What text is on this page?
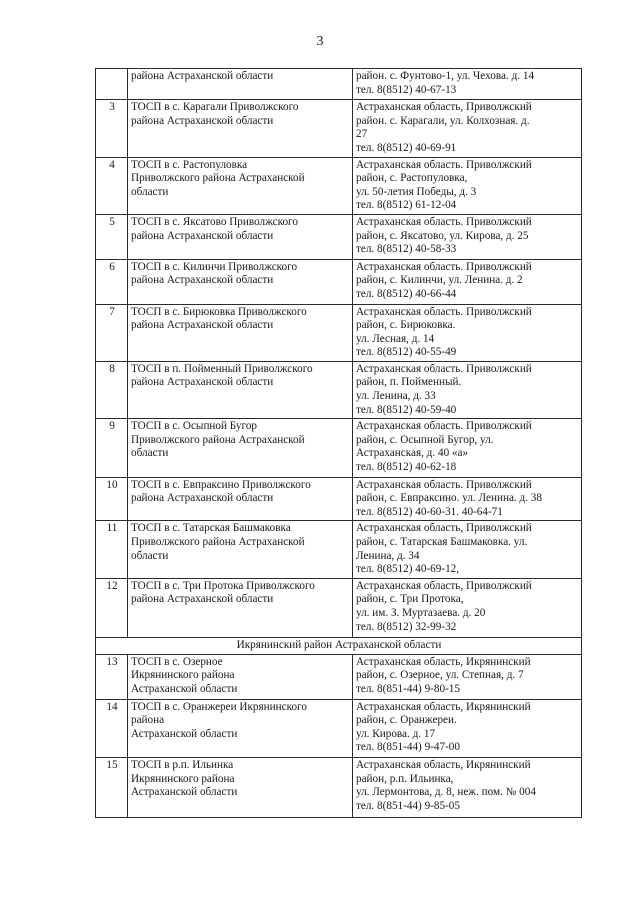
3

	района Астраханской области	район. с. Фунтово-1, ул. Чехова. д. 14
тел. 8(8512) 40-67-13

3	ТОСП в с. Карагали Приволжского
района Астраханской области	Астраханская область, Приволжский
район. с. Карагали, ул. Колхозная. д.
27
тел. 8(8512) 40-69-91

4	ТОСП в с. Растопуловка
Приволжского района Астраханской
области	Астраханская область. Приволжский
район, с. Растопуловка,
ул. 50-летия Победы, д. 3
тел. 8(8512) 61-12-04

5	ТОСП в с. Яксатово Приволжского
района Астраханской области	Астраханская область. Приволжский
район, с. Яксатово, ул. Кирова, д. 25
тел. 8(8512) 40-58-33

6	ТОСП в с. Килинчи Приволжского
района Астраханской области	Астраханская область. Приволжский
район, с. Килинчи, ул. Ленина. д. 2
тел. 8(8512) 40-66-44

7	ТОСП в с. Бирюковка Приволжского
района Астраханской области	Астраханская область. Приволжский
район, с. Бирюковка.
ул. Лесная, д. 14
тел. 8(8512) 40-55-49

8	ТОСП в п. Пойменный Приволжского
района Астраханской области	Астраханская область. Приволжский
район, п. Пойменный.
ул. Ленина, д. 33
тел. 8(8512) 40-59-40

9	ТОСП в с. Осыпной Бугор
Приволжского района Астраханской
области	Астраханская область. Приволжский
район, с. Осыпной Бугор, ул.
Астраханская, д. 40 «а»
тел. 8(8512) 40-62-18

10	ТОСП в с. Евпраксино Приволжского
района Астраханской области	Астраханская область. Приволжский
район, с. Евпраксино. ул. Ленина. д. 38
тел. 8(8512) 40-60-31. 40-64-71

11	ТОСП в с. Татарская Башмаковка
Приволжского района Астраханской
области	Астраханская область, Приволжский
район, с. Татарская Башмаковка. ул.
Ленина, д. 34
тел. 8(8512) 40-69-12,

12	ТОСП в с. Три Протока Приволжского
района Астраханской области	Астраханская область, Приволжский
район, с. Три Протока,
ул. им. З. Муртазаева. д. 20
тел. 8(8512) 32-99-32

Икрянинский район Астраханской области		
13	ТОСП в с. Озерное
Икрянинского района
Астраханской области	Астраханская область, Икрянинский
район, с. Озерное, ул. Степная, д. 7
тел. 8(851-44) 9-80-15

14	ТОСП в с. Оранжереи Икрянинского
района
Астраханской области	Астраханская область, Икрянинский
район, с. Оранжереи.
ул. Кирова. д. 17
тел. 8(851-44) 9-47-00

15	ТОСП в р.п. Ильинка
Икрянинского района
Астраханской области	Астраханская область, Икрянинский
район, р.п. Ильинка,
ул. Лермонтова, д. 8, неж. пом. № 004
тел. 8(851-44) 9-85-05
